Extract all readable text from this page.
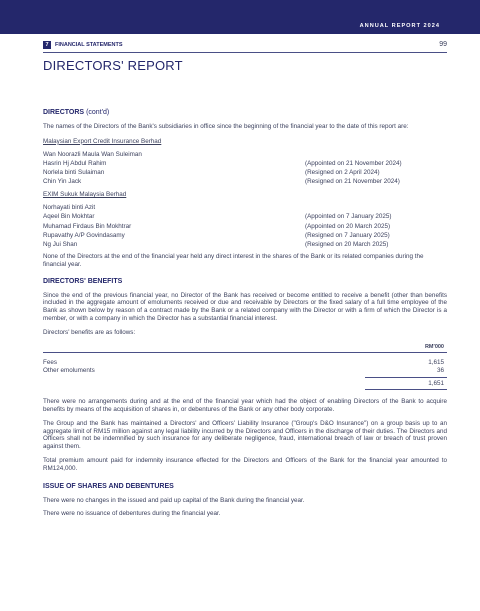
ANNUAL REPORT 2024

7	FINANCIAL STATEMENTS	99
DIRECTORS' REPORT

DIRECTORS (cont'd)

The names of the Directors of the Bank's subsidiaries in office since the beginning of the financial year to the date of this report are:

Malaysian Export Credit Insurance Berhad

Wan Noorazli Maula Wan Suleiman
Hasrin Hj Abdul Rahim	(Appointed on 21 November 2024)
Norlela binti Sulaiman	(Resigned on 2 April 2024)
Chin Yin Jack	(Resigned on 21 November 2024)

EXIM Sukuk Malaysia Berhad

Norhayati binti Azit
Aqeel Bin Mokhtar	(Appointed on 7 January 2025)
Muhamad Firdaus Bin Mokhtrar	(Appointed on 20 March 2025)
Rupavathy A/P Govindasamy	(Resigned on 7 January 2025)
Ng Jui Shan	(Resigned on 20 March 2025)

None of the Directors at the end of the financial year held any direct interest in the shares of the Bank or its related companies during the financial year.

DIRECTORS' BENEFITS

Since the end of the previous financial year, no Director of the Bank has received or become entitled to receive a benefit (other than benefits included in the aggregate amount of emoluments received or due and receivable by Directors or the fixed salary of a full time employee of the Bank as shown below by reason of a contract made by the Bank or a related company with the Director or with a firm of which the Director is a member, or with a company in which the Director has a substantial financial interest.

Directors' benefits are as follows:

RM'000
Fees	1,615
Other emoluments	36
1,651

There were no arrangements during and at the end of the financial year which had the object of enabling Directors of the Bank to acquire benefits by means of the acquisition of shares in, or debentures of the Bank or any other body corporate.

The Group and the Bank has maintained a Directors' and Officers' Liability Insurance ("Group's D&O Insurance") on a group basis up to an aggregate limit of RM15 million against any legal liability incurred by the Directors and Officers in the discharge of their duties. The Directors and Officers shall not be indemnified by such insurance for any deliberate negligence, fraud, international breach of law or breach of trust proven against them.

Total premium amount paid for indemnity insurance effected for the Directors and Officers of the Bank for the financial year amounted to RM124,000.

ISSUE OF SHARES AND DEBENTURES

There were no changes in the issued and paid up capital of the Bank during the financial year.

There were no issuance of debentures during the financial year.
